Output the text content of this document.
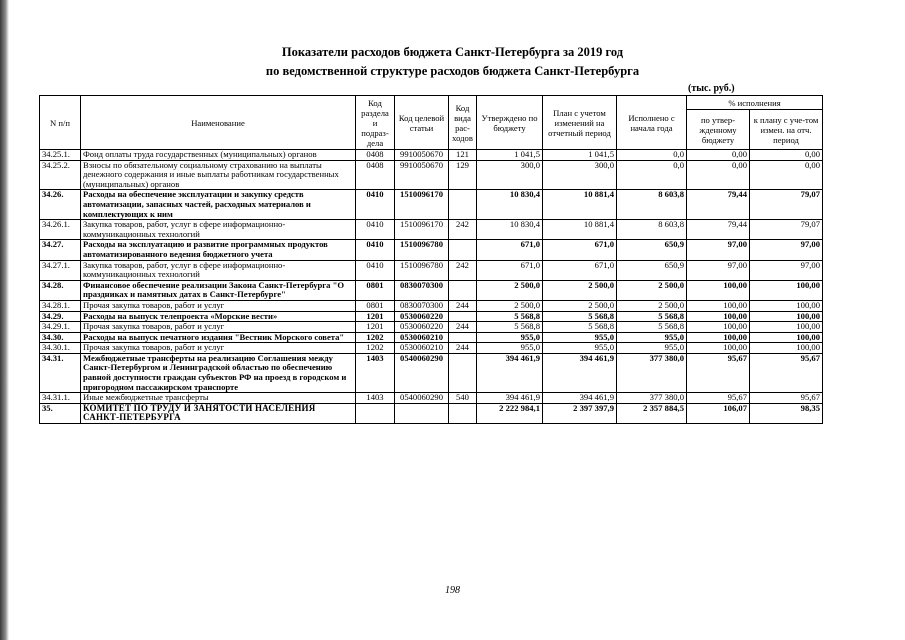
Показатели расходов бюджета Санкт-Петербурга за 2019 год
по ведомственной структуре расходов бюджета Санкт-Петербурга
(тыс. руб.)
N п/п	Наименование	Код раздела и подраз-дела	Код целевой статьи	Код вида рас-ходов	Утверждено по бюджету	План с учетом изменений на отчетный период	Исполнено с начала года	% исполнения	
								по утвер-жденному бюджету	к плану с уче-том измен. на отч. период
34.25.1.	Фонд оплаты труда государственных (муниципальных) органов	0408	9910050670	121	1 041,5	1 041,5	0,0	0,00	0,00
34.25.2.	Взносы по обязательному социальному страхованию на выплаты денежного содержания и иные выплаты работникам государственных (муниципальных) органов	0408	9910050670	129	300,0	300,0	0,0	0,00	0,00
34.26.	Расходы на обеспечение эксплуатации и закупку средств автоматизации, запасных частей, расходных материалов и комплектующих к ним	0410	1510096170		10 830,4	10 881,4	8 603,8	79,44	79,07
34.26.1.	Закупка товаров, работ, услуг в сфере информационно-коммуникационных технологий	0410	1510096170	242	10 830,4	10 881,4	8 603,8	79,44	79,07
34.27.	Расходы на эксплуатацию и развитие программных продуктов автоматизированного ведения бюджетного учета	0410	1510096780		671,0	671,0	650,9	97,00	97,00
34.27.1.	Закупка товаров, работ, услуг в сфере информационно-коммуникационных технологий	0410	1510096780	242	671,0	671,0	650,9	97,00	97,00
34.28.	Финансовое обеспечение реализации Закона Санкт-Петербурга "О праздниках и памятных датах в Санкт-Петербурге"	0801	0830070300		2 500,0	2 500,0	2 500,0	100,00	100,00
34.28.1.	Прочая закупка товаров, работ и услуг	0801	0830070300	244	2 500,0	2 500,0	2 500,0	100,00	100,00
34.29.	Расходы на выпуск телепроекта «Морские вести»	1201	0530060220		5 568,8	5 568,8	5 568,8	100,00	100,00
34.29.1.	Прочая закупка товаров, работ и услуг	1201	0530060220	244	5 568,8	5 568,8	5 568,8	100,00	100,00
34.30.	Расходы на выпуск печатного издания "Вестник Морского совета"	1202	0530060210		955,0	955,0	955,0	100,00	100,00
34.30.1.	Прочая закупка товаров, работ и услуг	1202	0530060210	244	955,0	955,0	955,0	100,00	100,00
34.31.	Межбюджетные трансферты на реализацию Соглашения между Санкт-Петербургом и Ленинградской областью по обеспечению равной доступности граждан субъектов РФ на проезд в городском и пригородном пассажирском транспорте	1403	0540060290		394 461,9	394 461,9	377 380,0	95,67	95,67
34.31.1.	Иные межбюджетные трансферты	1403	0540060290	540	394 461,9	394 461,9	377 380,0	95,67	95,67
35.	КОМИТЕТ ПО ТРУДУ И ЗАНЯТОСТИ НАСЕЛЕНИЯ САНКТ-ПЕТЕРБУРГА				2 222 984,1	2 397 397,9	2 357 884,5	106,07	98,35
198
